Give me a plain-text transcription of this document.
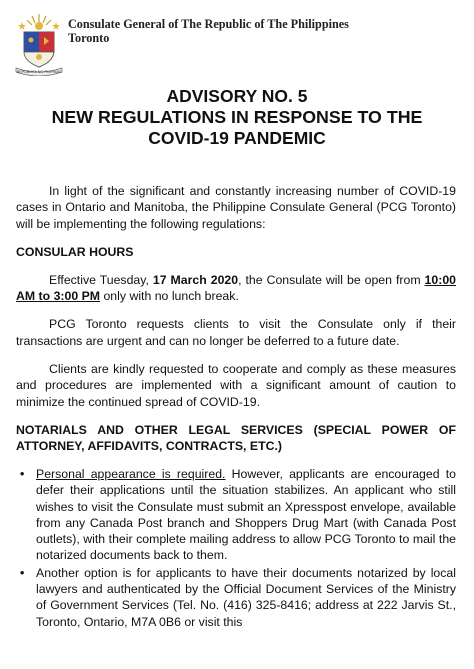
REPUBLIKA NG PILIPINAS
Consulate General of The Republic of The Philippines
Toronto
ADVISORY NO. 5
NEW REGULATIONS IN RESPONSE TO THE
COVID-19 PANDEMIC

In light of the significant and constantly increasing number of COVID-19 cases in Ontario and Manitoba, the Philippine Consulate General (PCG Toronto) will be implementing the following regulations:

CONSULAR HOURS

Effective Tuesday, 17 March 2020, the Consulate will be open from 10:00 AM to 3:00 PM only with no lunch break.

PCG Toronto requests clients to visit the Consulate only if their transactions are urgent and can no longer be deferred to a future date.

Clients are kindly requested to cooperate and comply as these measures and procedures are implemented with a significant amount of caution to minimize the continued spread of COVID-19.

NOTARIALS AND OTHER LEGAL SERVICES (SPECIAL POWER OF ATTORNEY, AFFIDAVITS, CONTRACTS, ETC.)
• Personal appearance is required. However, applicants are encouraged to defer their applications until the situation stabilizes. An applicant who still wishes to visit the Consulate must submit an Xpresspost envelope, available from any Canada Post branch and Shoppers Drug Mart (with Canada Post outlets), with their complete mailing address to allow PCG Toronto to mail the notarized documents back to them.
• Another option is for applicants to have their documents notarized by local lawyers and authenticated by the Official Document Services of the Ministry of Government Services (Tel. No. (416) 325-8416; address at 222 Jarvis St., Toronto, Ontario, M7A 0B6 or visit this
